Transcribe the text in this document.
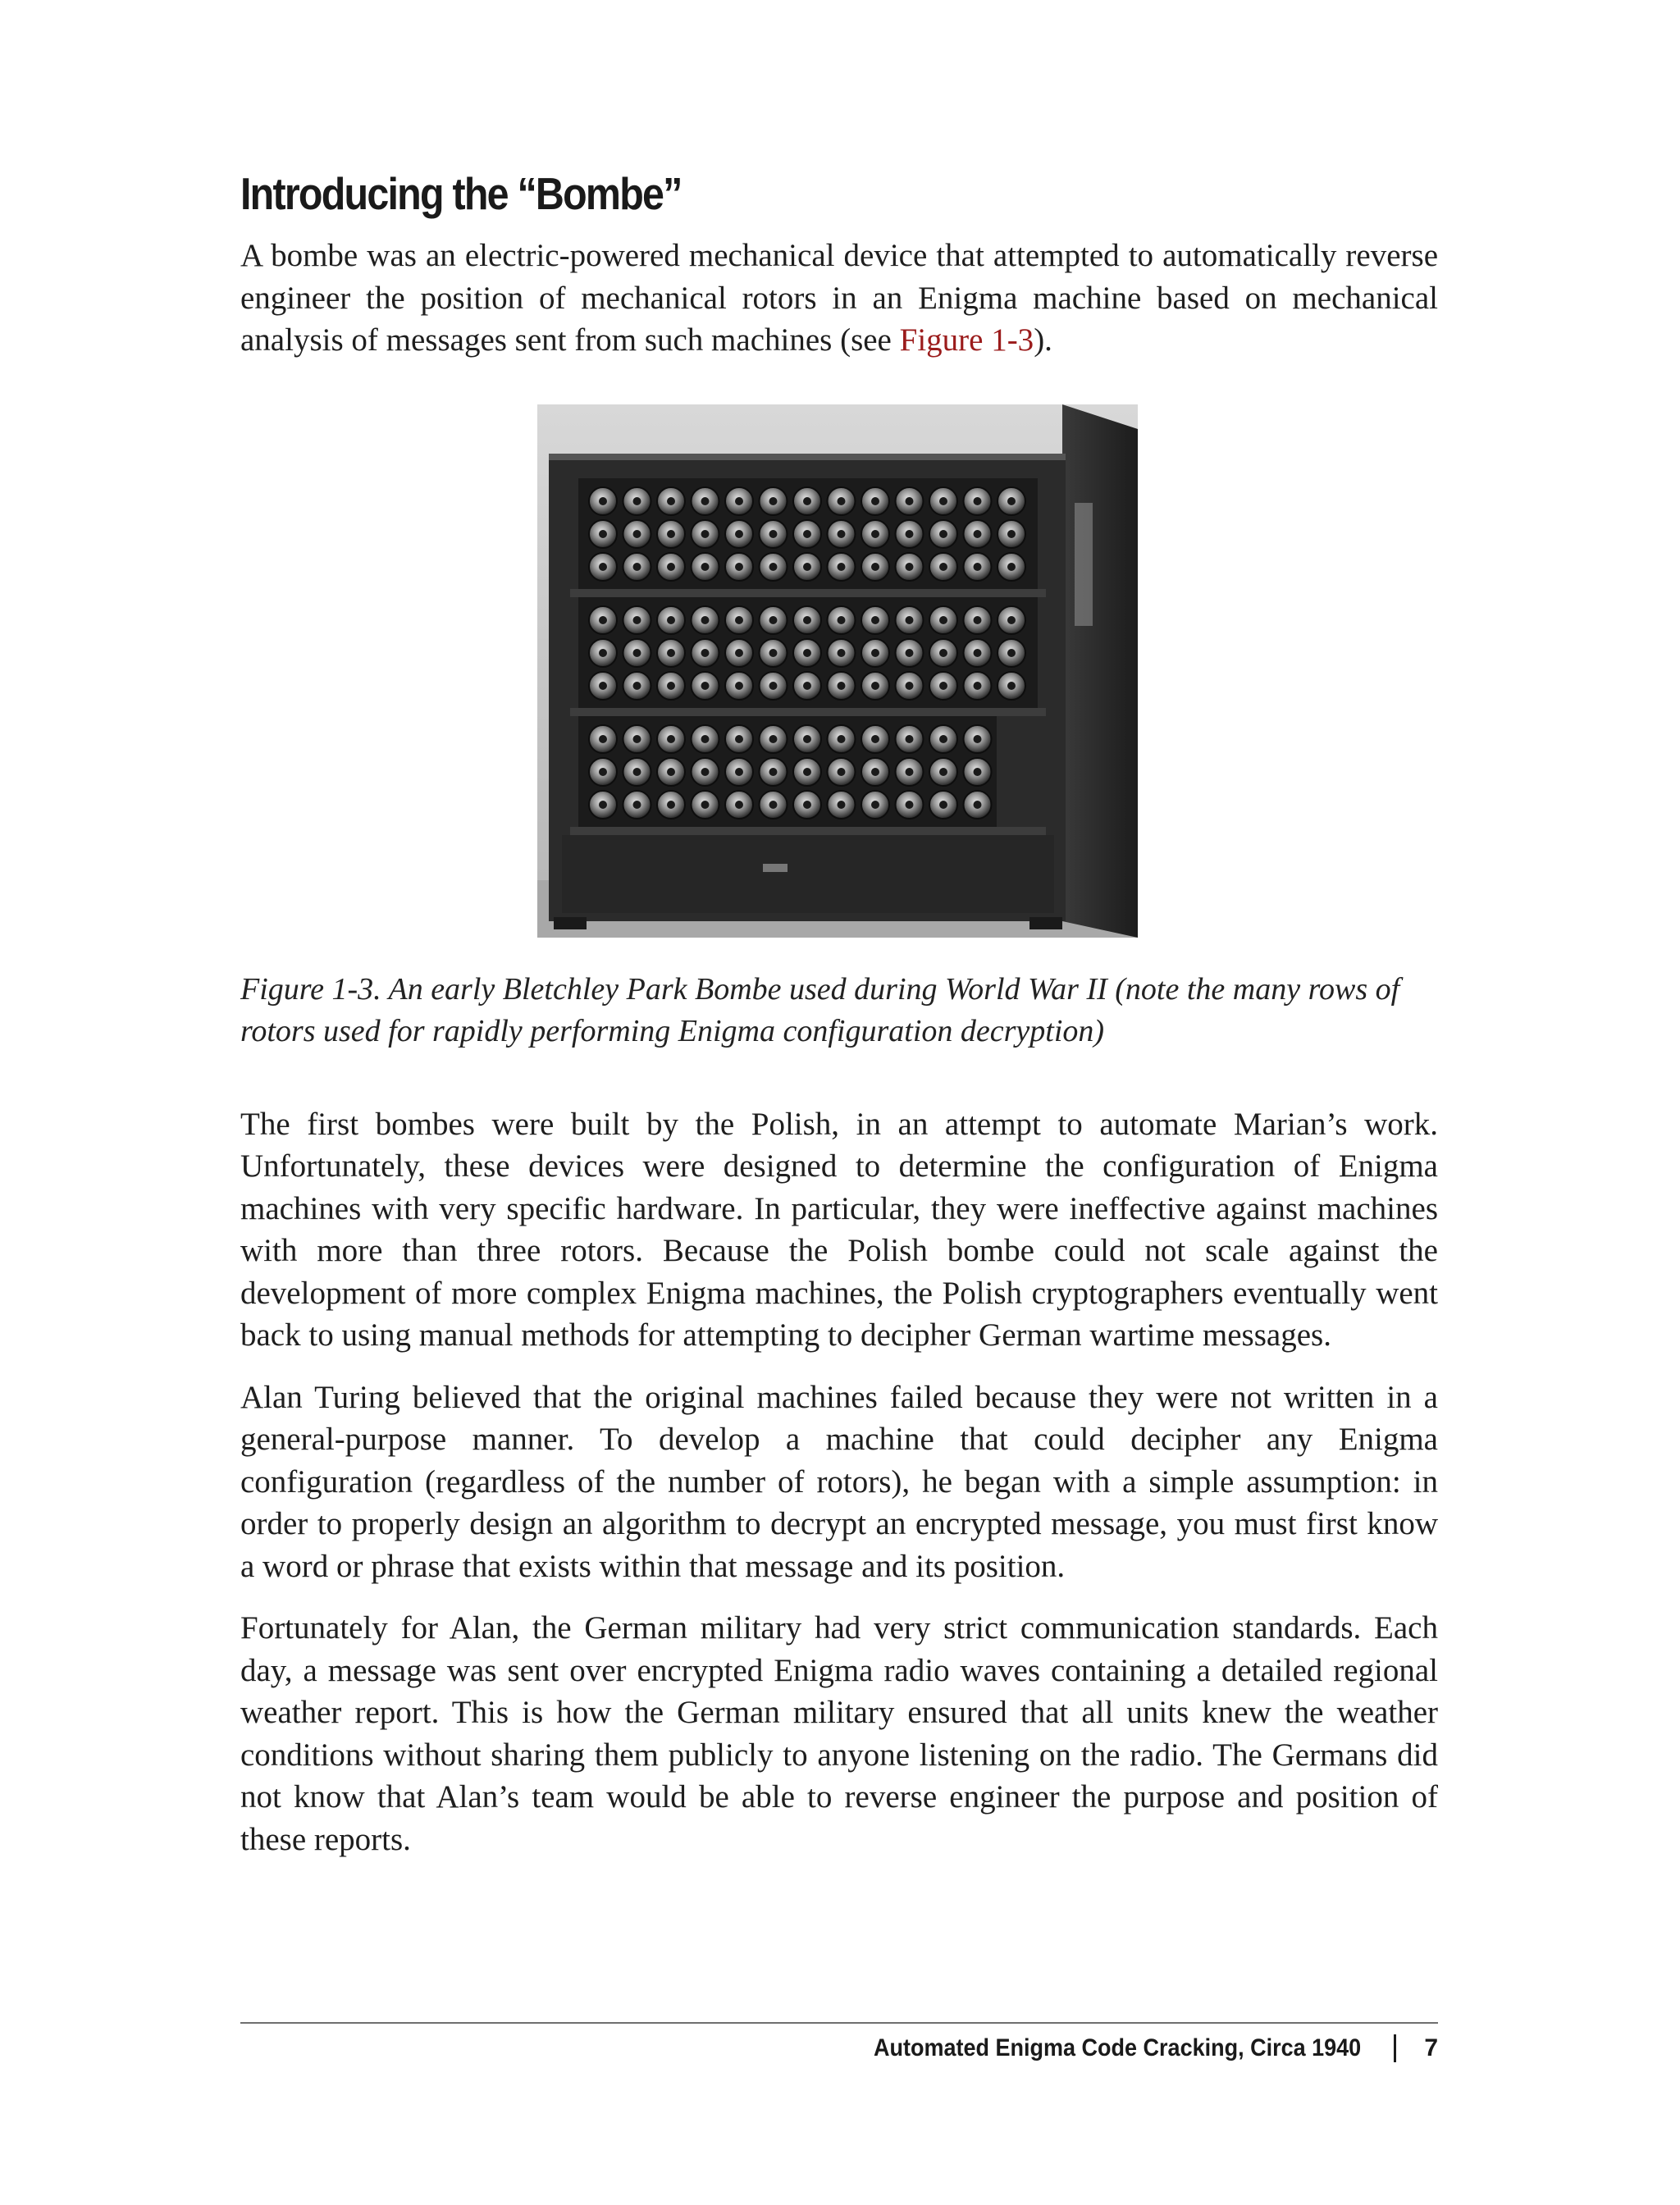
Introducing the “Bombe”

A bombe was an electric-powered mechanical device that attempted to automatically reverse engineer the position of mechanical rotors in an Enigma machine based on mechanical analysis of messages sent from such machines (see Figure 1-3).

Figure 1-3. An early Bletchley Park Bombe used during World War II (note the many rows of rotors used for rapidly performing Enigma configuration decryption)

The first bombes were built by the Polish, in an attempt to automate Marian’s work. Unfortunately, these devices were designed to determine the configuration of Enigma machines with very specific hardware. In particular, they were ineffective against machines with more than three rotors. Because the Polish bombe could not scale against the development of more complex Enigma machines, the Polish cryptographers eventually went back to using manual methods for attempting to decipher German wartime messages.

Alan Turing believed that the original machines failed because they were not written in a general-purpose manner. To develop a machine that could decipher any Enigma configuration (regardless of the number of rotors), he began with a simple assumption: in order to properly design an algorithm to decrypt an encrypted message, you must first know a word or phrase that exists within that message and its position.

Fortunately for Alan, the German military had very strict communication standards. Each day, a message was sent over encrypted Enigma radio waves containing a detailed regional weather report. This is how the German military ensured that all units knew the weather conditions without sharing them publicly to anyone listening on the radio. The Germans did not know that Alan’s team would be able to reverse engineer the purpose and position of these reports.

Automated Enigma Code Cracking, Circa 1940	7
